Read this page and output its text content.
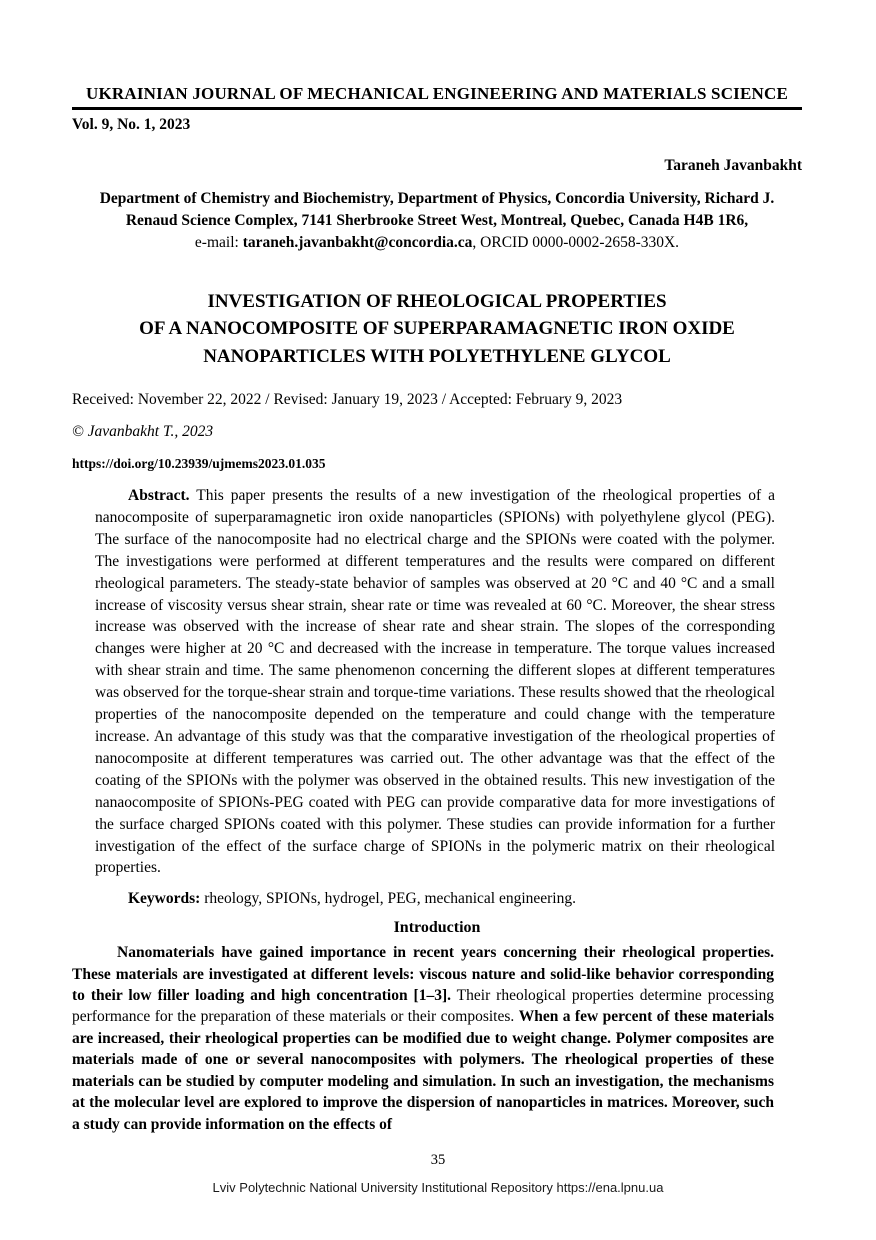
UKRAINIAN JOURNAL OF MECHANICAL ENGINEERING AND MATERIALS SCIENCE
Vol. 9, No. 1, 2023
Taraneh Javanbakht
Department of Chemistry and Biochemistry, Department of Physics, Concordia University, Richard J. Renaud Science Complex, 7141 Sherbrooke Street West, Montreal, Quebec, Canada H4B 1R6,
e-mail: taraneh.javanbakht@concordia.ca, ORCID 0000-0002-2658-330X.
INVESTIGATION OF RHEOLOGICAL PROPERTIES
OF A NANOCOMPOSITE OF SUPERPARAMAGNETIC IRON OXIDE
NANOPARTICLES WITH POLYETHYLENE GLYCOL
Received: November 22, 2022 / Revised: January 19, 2023 / Accepted: February 9, 2023
© Javanbakht T., 2023
https://doi.org/10.23939/ujmems2023.01.035
Abstract. This paper presents the results of a new investigation of the rheological properties of a nanocomposite of superparamagnetic iron oxide nanoparticles (SPIONs) with polyethylene glycol (PEG). The surface of the nanocomposite had no electrical charge and the SPIONs were coated with the polymer. The investigations were performed at different temperatures and the results were compared on different rheological parameters. The steady-state behavior of samples was observed at 20 °C and 40 °C and a small increase of viscosity versus shear strain, shear rate or time was revealed at 60 °C. Moreover, the shear stress increase was observed with the increase of shear rate and shear strain. The slopes of the corresponding changes were higher at 20 °C and decreased with the increase in temperature. The torque values increased with shear strain and time. The same phenomenon concerning the different slopes at different temperatures was observed for the torque-shear strain and torque-time variations. These results showed that the rheological properties of the nanocomposite depended on the temperature and could change with the temperature increase. An advantage of this study was that the comparative investigation of the rheological properties of nanocomposite at different temperatures was carried out. The other advantage was that the effect of the coating of the SPIONs with the polymer was observed in the obtained results. This new investigation of the nanaocomposite of SPIONs-PEG coated with PEG can provide comparative data for more investigations of the surface charged SPIONs coated with this polymer. These studies can provide information for a further investigation of the effect of the surface charge of SPIONs in the polymeric matrix on their rheological properties.
Keywords: rheology, SPIONs, hydrogel, PEG, mechanical engineering.
Introduction
Nanomaterials have gained importance in recent years concerning their rheological properties. These materials are investigated at different levels: viscous nature and solid-like behavior corresponding to their low filler loading and high concentration [1–3]. Their rheological properties determine processing performance for the preparation of these materials or their composites. When a few percent of these materials are increased, their rheological properties can be modified due to weight change. Polymer composites are materials made of one or several nanocomposites with polymers. The rheological properties of these materials can be studied by computer modeling and simulation. In such an investigation, the mechanisms at the molecular level are explored to improve the dispersion of nanoparticles in matrices. Moreover, such a study can provide information on the effects of
35
Lviv Polytechnic National University Institutional Repository https://ena.lpnu.ua
